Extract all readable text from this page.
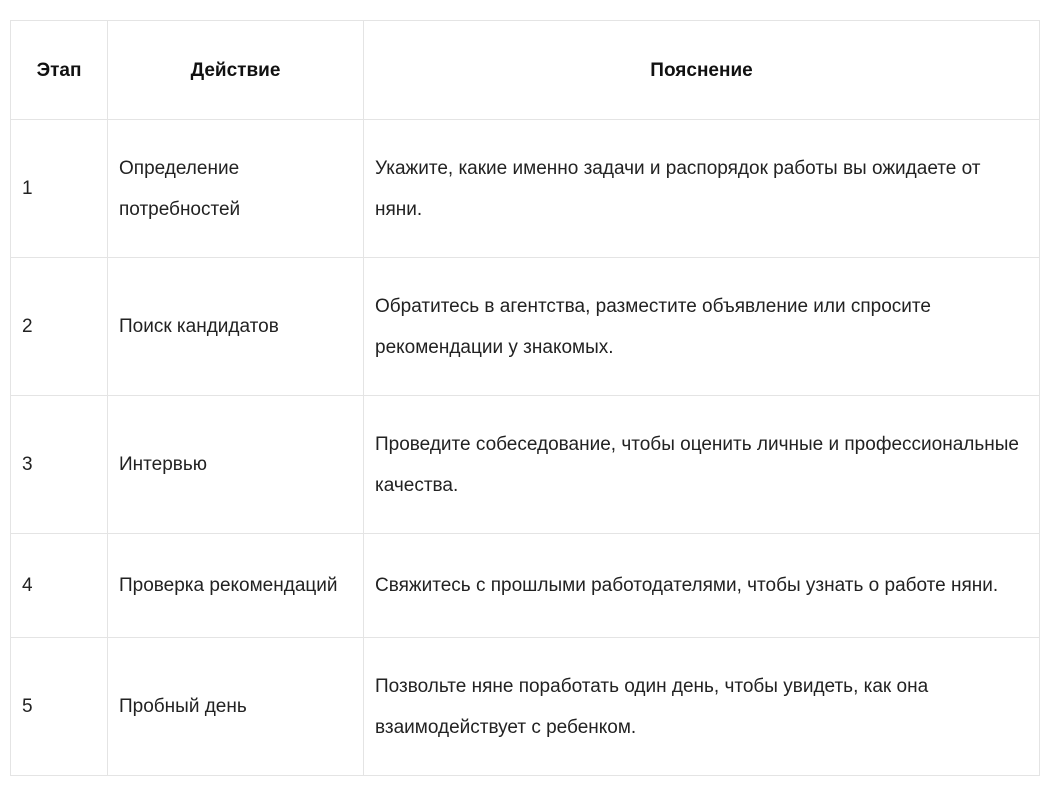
Этап	Действие	Пояснение
1	Определение потребностей	Укажите, какие именно задачи и распорядок работы вы ожидаете от няни.
2	Поиск кандидатов	Обратитесь в агентства, разместите объявление или спросите рекомендации у знакомых.
3	Интервью	Проведите собеседование, чтобы оценить личные и профессиональные качества.
4	Проверка рекомендаций	Свяжитесь с прошлыми работодателями, чтобы узнать о работе няни.
5	Пробный день	Позвольте няне поработать один день, чтобы увидеть, как она взаимодействует с ребенком.
